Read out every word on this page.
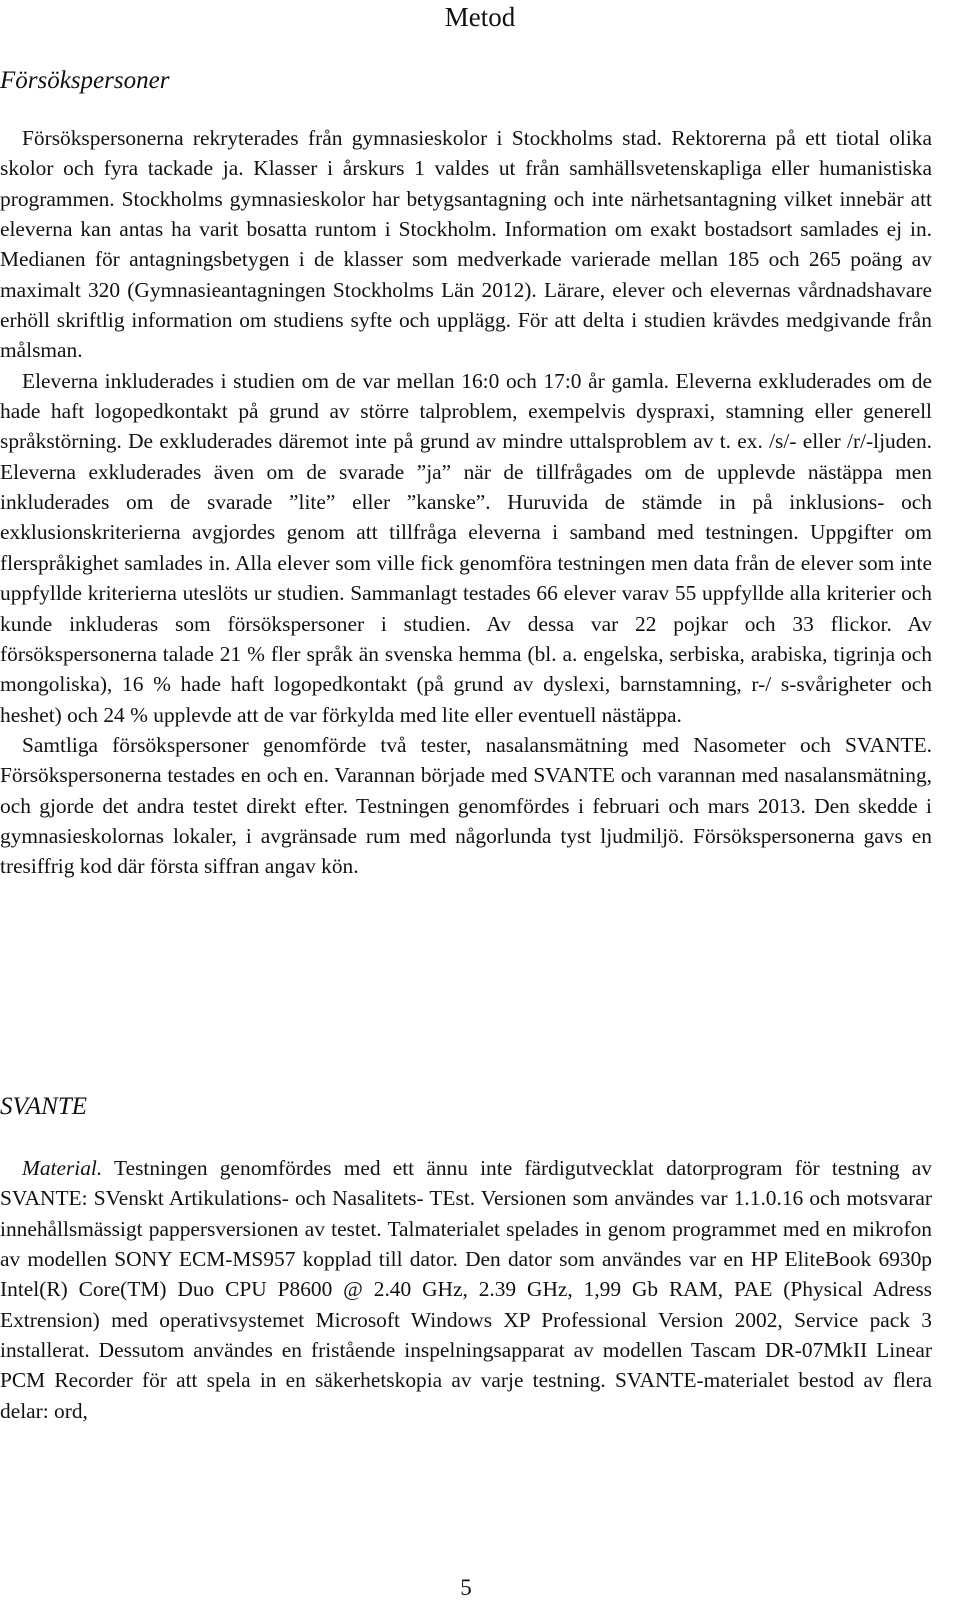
Metod
Försökspersoner

Försökspersonerna rekryterades från gymnasieskolor i Stockholms stad. Rektorerna på ett tiotal olika skolor och fyra tackade ja. Klasser i årskurs 1 valdes ut från samhällsvetenskapliga eller humanistiska programmen. Stockholms gymnasieskolor har betygsantagning och inte närhetsantagning vilket innebär att eleverna kan antas ha varit bosatta runtom i Stockholm. Information om exakt bostadsort samlades ej in. Medianen för antagningsbetygen i de klasser som medverkade varierade mellan 185 och 265 poäng av maximalt 320 (Gymnasieantagningen Stockholms Län 2012). Lärare, elever och elevernas vårdnadshavare erhöll skriftlig information om studiens syfte och upplägg. För att delta i studien krävdes medgivande från målsman.

Eleverna inkluderades i studien om de var mellan 16:0 och 17:0 år gamla. Eleverna exkluderades om de hade haft logopedkontakt på grund av större talproblem, exempelvis dyspraxi, stamning eller generell språkstörning. De exkluderades däremot inte på grund av mindre uttalsproblem av t. ex. /s/- eller /r/-ljuden. Eleverna exkluderades även om de svarade ”ja” när de tillfrågades om de upplevde nästäppa men inkluderades om de svarade ”lite” eller ”kanske”. Huruvida de stämde in på inklusions- och exklusionskriterierna avgjordes genom att tillfråga eleverna i samband med testningen. Uppgifter om flerspråkighet samlades in. Alla elever som ville fick genomföra testningen men data från de elever som inte uppfyllde kriterierna uteslöts ur studien. Sammanlagt testades 66 elever varav 55 uppfyllde alla kriterier och kunde inkluderas som försökspersoner i studien. Av dessa var 22 pojkar och 33 flickor. Av försökspersonerna talade 21 % fler språk än svenska hemma (bl. a. engelska, serbiska, arabiska, tigrinja och mongoliska), 16 % hade haft logopedkontakt (på grund av dyslexi, barnstamning, r-/ s-svårigheter och heshet) och 24 % upplevde att de var förkylda med lite eller eventuell nästäppa.

Samtliga försökspersoner genomförde två tester, nasalansmätning med Nasometer och SVANTE. Försökspersonerna testades en och en. Varannan började med SVANTE och varannan med nasalansmätning, och gjorde det andra testet direkt efter. Testningen genomfördes i februari och mars 2013. Den skedde i gymnasieskolornas lokaler, i avgränsade rum med någorlunda tyst ljudmiljö. Försökspersonerna gavs en tresiffrig kod där första siffran angav kön.

SVANTE

Material. Testningen genomfördes med ett ännu inte färdigutvecklat datorprogram för testning av SVANTE: SVenskt Artikulations- och Nasalitets- TEst. Versionen som användes var 1.1.0.16 och motsvarar innehållsmässigt pappersversionen av testet. Talmaterialet spelades in genom programmet med en mikrofon av modellen SONY ECM-MS957 kopplad till dator. Den dator som användes var en HP EliteBook 6930p Intel(R) Core(TM) Duo CPU P8600 @ 2.40 GHz, 2.39 GHz, 1,99 Gb RAM, PAE (Physical Adress Extrension) med operativsystemet Microsoft Windows XP Professional Version 2002, Service pack 3 installerat. Dessutom användes en fristående inspelningsapparat av modellen Tascam DR-07MkII Linear PCM Recorder för att spela in en säkerhetskopia av varje testning. SVANTE-materialet bestod av flera delar: ord,

5
